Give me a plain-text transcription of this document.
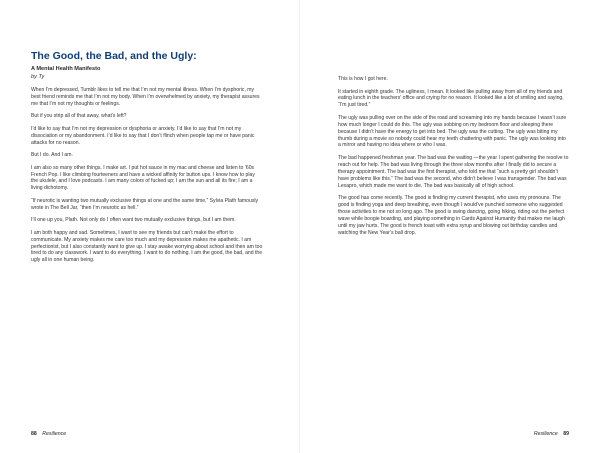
The Good, the Bad, and the Ugly:

A Mental Health Manifesto

by Ty

When I’m depressed, Tumblr likes to tell me that I’m not my mental illness. When I’m dysphoric, my best friend reminds me that I’m not my body. When I’m overwhelmed by anxiety, my therapist assures me that I’m not my thoughts or feelings.

But if you strip all of that away, what’s left?

I’d like to say that I’m not my depression or dysphoria or anxiety. I’d like to say that I’m not my dissociation or my abandonment. I’d like to say that I don’t flinch when people tap me or have panic attacks for no reason.

But I do. And I am.

I am also so many other things. I make art. I put hot sauce in my mac and cheese and listen to ’60s French Pop. I like climbing fourteeners and have a wicked affinity for button ups. I know how to play the ukulele, and I love podcasts. I am many colors of fucked up; I am the sun and all its fire; I am a living dichotomy.

“If neurotic is wanting two mutually exclusive things at one and the same time,” Sylvia Plath famously wrote in The Bell Jar, “then I’m neurotic as hell.”

I’ll one up you, Plath. Not only do I often want two mutually exclusive things, but I am them.

I am both happy and sad. Sometimes, I want to see my friends but can’t make the effort to communicate. My anxiety makes me care too much and my depression makes me apathetic. I am perfectionist, but I also constantly want to give up. I stay awake worrying about school and then am too tired to do any classwork. I want to do everything. I want to do nothing. I am the good, the bad, and the ugly all in one human being.

This is how I got here.

It started in eighth grade. The ugliness, I mean. It looked like pulling away from all of my friends and eating lunch in the teachers’ office and crying for no reason. It looked like a lot of smiling and saying, “I’m just tired.”

The ugly was pulling over on the side of the road and screaming into my hands because I wasn’t sure how much longer I could do this. The ugly was sobbing on my bedroom floor and sleeping there because I didn’t have the energy to get into bed. The ugly was the cutting. The ugly was biting my thumb during a movie so nobody could hear my teeth chattering with panic. The ugly was looking into a mirror and having no idea where or who I was.

The bad happened freshman year. The bad was the waiting —the year I spent gathering the resolve to reach out for help. The bad was living through the three slow months after I finally did to secure a therapy appointment. The bad was the first therapist, who told me that “such a pretty girl shouldn’t have problems like this.” The bad was the second, who didn’t believe I was transgender. The bad was Lexapro, which made me want to die. The bad was basically all of high school.

The good has come recently. The good is finding my current therapist, who uses my pronouns. The good is finding yoga and deep breathing, even though I would’ve punched someone who suggested those activities to me not so long ago. The good is swing dancing, going hiking, riding out the perfect wave while boogie boarding, and playing something in Cards Against Humanity that makes me laugh until my jaw hurts. The good is french toast with extra syrup and blowing out birthday candles and watching the New Year’s ball drop.

88 Resilience	Resilience 89
